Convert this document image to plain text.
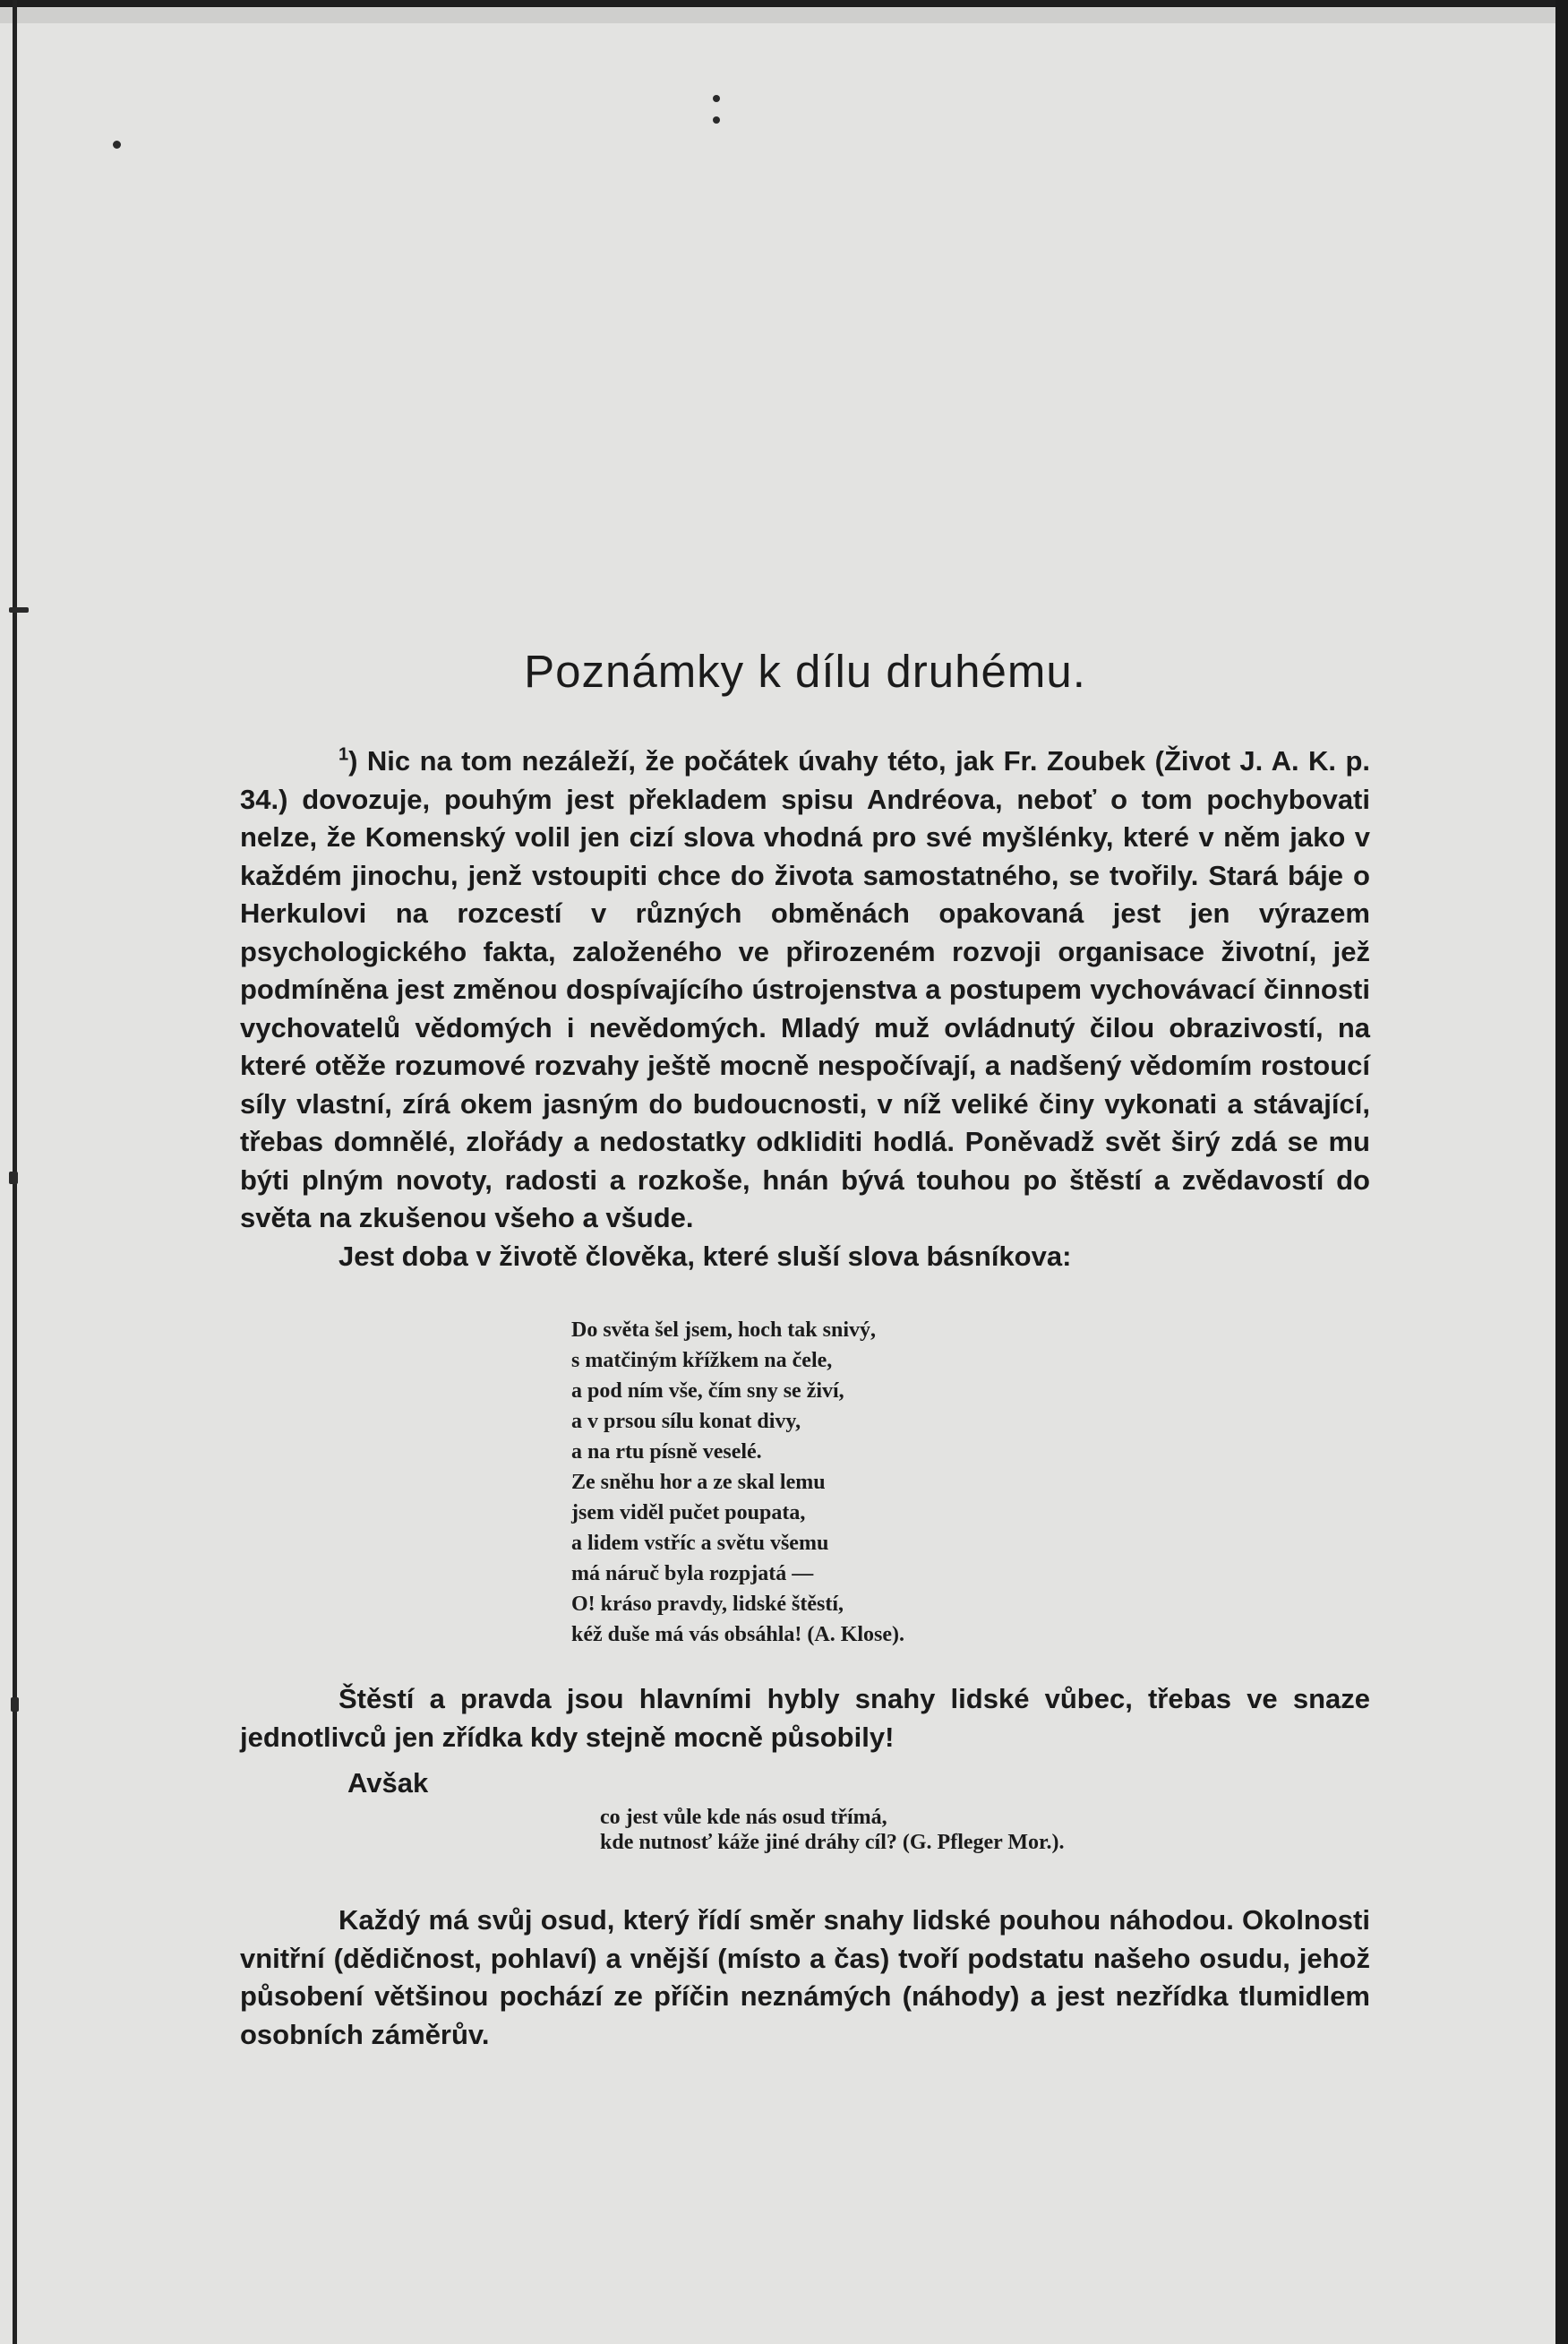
Poznámky k dílu druhému.

$^1$) Nic na tom nezáleží, že počátek úvahy této, jak Fr. Zoubek (Život J. A. K. p. 34.) dovozuje, pouhým jest překladem spisu Andréova, neboť o tom pochybovati nelze, že Komenský volil jen cizí slova vhodná pro své myšlénky, které v něm jako v každém jinochu, jenž vstoupiti chce do života samostatného, se tvořily. Stará báje o Herkulovi na rozcestí v různých obměnách opakovaná jest jen výrazem psychologického fakta, založeného ve přirozeném rozvoji organisace životní, jež podmíněna jest změnou dospívajícího ústrojenstva a postupem vychovávací činnosti vychovatelů vědomých i nevědomých. Mladý muž ovládnutý čilou obrazivostí, na které otěže rozumové rozvahy ještě mocně nespočívají, a nadšený vědomím rostoucí síly vlastní, zírá okem jasným do budoucnosti, v níž veliké činy vykonati a stávající, třebas domnělé, zlořády a nedostatky odkliditi hodlá. Poněvadž svět širý zdá se mu býti plným novoty, radosti a rozkoše, hnán bývá touhou po štěstí a zvědavostí do světa na zkušenou všeho a všude.

Jest doba v životě člověka, které sluší slova básníkova:

Do světa šel jsem, hoch tak snivý,
s matčiným křížkem na čele,
a pod ním vše, čím sny se živí,
a v prsou sílu konat divy,
a na rtu písně veselé.
Ze sněhu hor a ze skal lemu
jsem viděl pučet poupata,
a lidem vstříc a světu všemu
má náruč byla rozpjatá —
O! kráso pravdy, lidské štěstí,
kéž duše má vás obsáhla! (A. Klose).

Štěstí a pravda jsou hlavními hybly snahy lidské vůbec, třebas ve snaze jednotlivců jen zřídka kdy stejně mocně působily!

Avšak
co jest vůle kde nás osud třímá,
kde nutnosť káže jiné dráhy cíl? (G. Pfleger Mor.).

Každý má svůj osud, který řídí směr snahy lidské pouhou náhodou. Okolnosti vnitřní (dědičnost, pohlaví) a vnější (místo a čas) tvoří podstatu našeho osudu, jehož působení většinou pochází ze příčin neznámých (náhody) a jest nezřídka tlumidlem osobních záměrův.
